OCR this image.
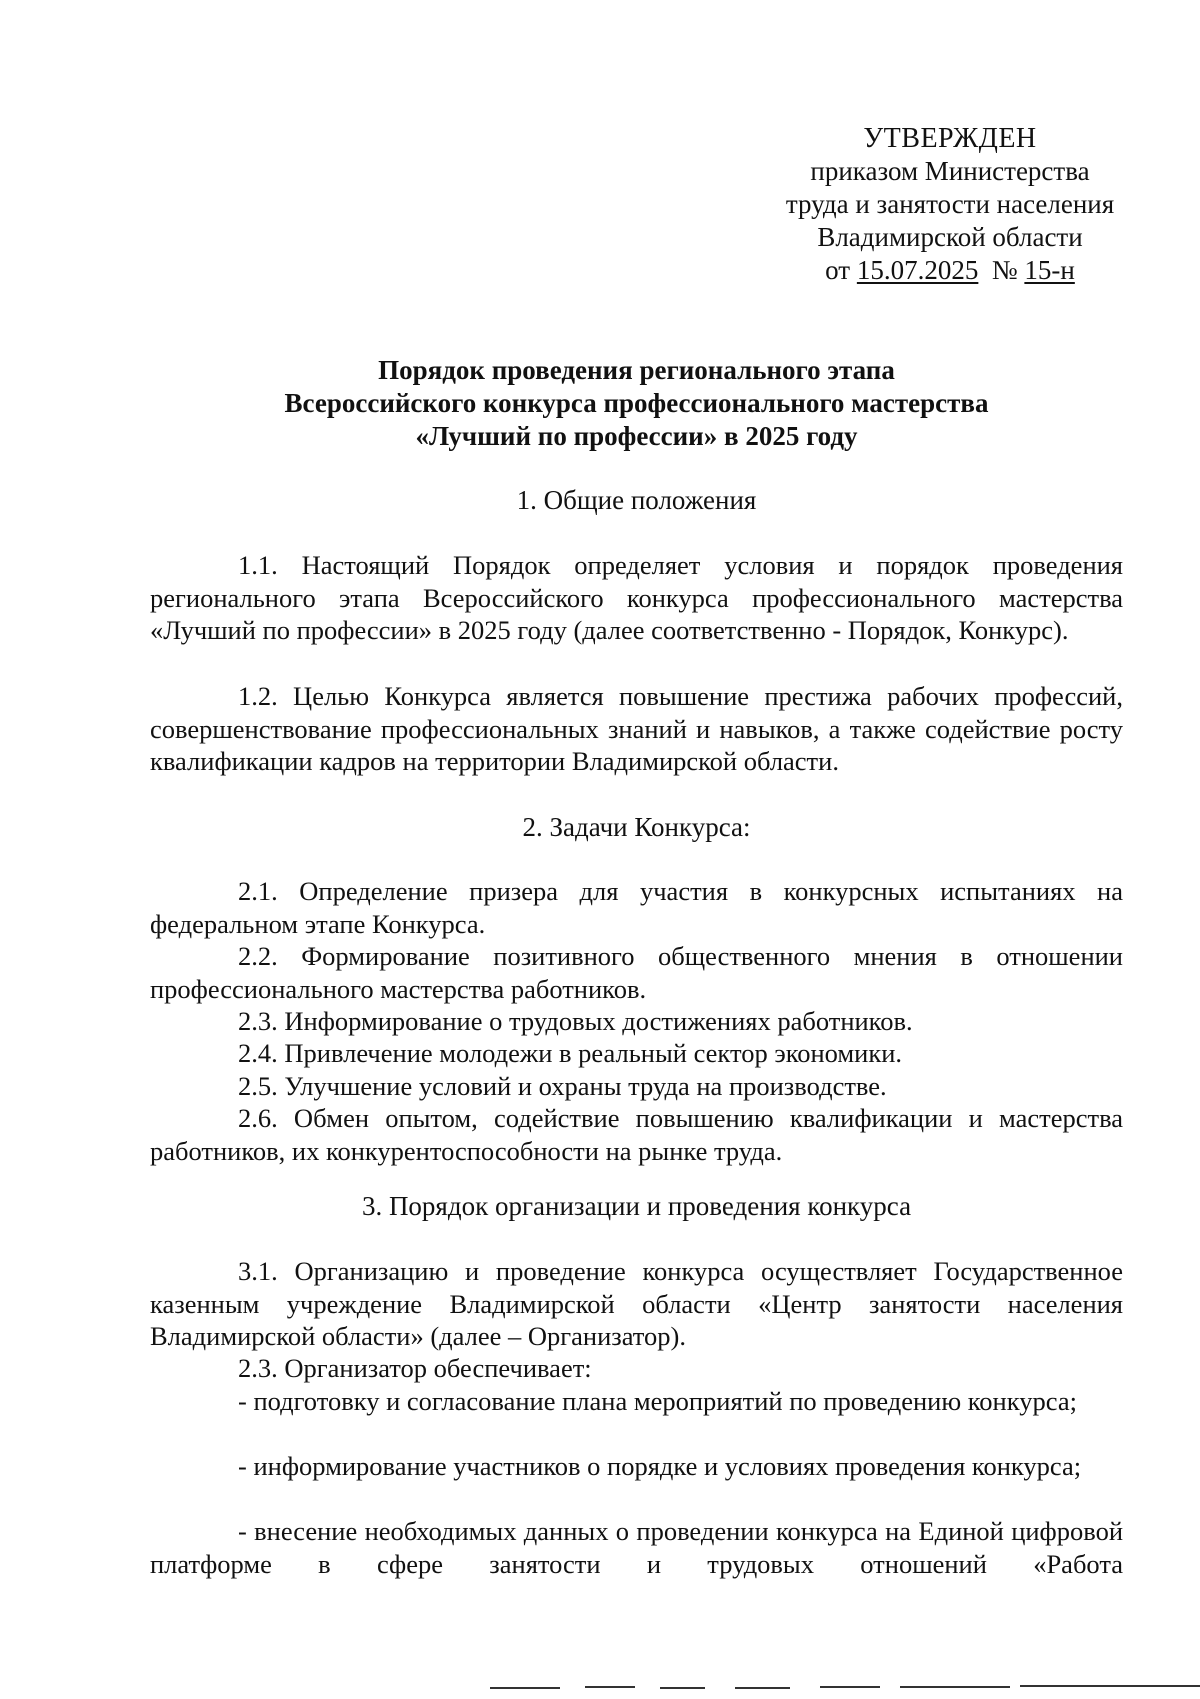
УТВЕРЖДЕН
приказом Министерства
труда и занятости населения
Владимирской области
от 15.07.2025 № 15-н
Порядок проведения регионального этапа
Всероссийского конкурса профессионального мастерства
«Лучший по профессии» в 2025 году
1. Общие положения

1.1. Настоящий Порядок определяет условия и порядок проведения регионального этапа Всероссийского конкурса профессионального мастерства «Лучший по профессии» в 2025 году (далее соответственно - Порядок, Конкурс).

1.2. Целью Конкурса является повышение престижа рабочих профессий, совершенствование профессиональных знаний и навыков, а также содействие росту квалификации кадров на территории Владимирской области.

2. Задачи Конкурса:

2.1. Определение призера для участия в конкурсных испытаниях на федеральном этапе Конкурса.

2.2. Формирование позитивного общественного мнения в отношении профессионального мастерства работников.

2.3. Информирование о трудовых достижениях работников.

2.4. Привлечение молодежи в реальный сектор экономики.

2.5. Улучшение условий и охраны труда на производстве.

2.6. Обмен опытом, содействие повышению квалификации и мастерства работников, их конкурентоспособности на рынке труда.

3. Порядок организации и проведения конкурса

3.1. Организацию и проведение конкурса осуществляет Государственное казенным учреждение Владимирской области «Центр занятости населения Владимирской области» (далее – Организатор).

2.3. Организатор обеспечивает:

- подготовку и согласование плана мероприятий по проведению конкурса;

- информирование участников о порядке и условиях проведения конкурса;

- внесение необходимых данных о проведении конкурса на Единой цифровой платформе в сфере занятости и трудовых отношений «Работа
